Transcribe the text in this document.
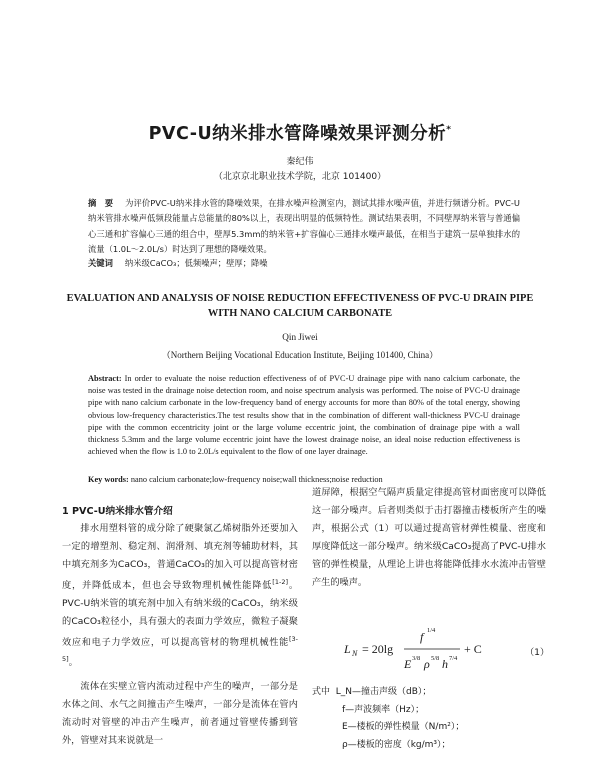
PVC-U纳米排水管降噪效果评测分析*
秦纪伟
（北京京北职业技术学院，北京 101400）
摘　要 为评价PVC-U纳米排水管的降噪效果，在排水噪声检测室内，测试其排水噪声值，并进行频谱分析。PVC-U纳米管排水噪声低频段能量占总能量的80%以上，表现出明显的低频特性。测试结果表明，不同壁厚纳米管与普通偏心三通和扩容偏心三通的组合中，壁厚5.3mm的纳米管+扩容偏心三通排水噪声最低，在相当于建筑一层单独排水的流量（1.0L～2.0L/s）时达到了理想的降噪效果。
关键词 纳米级CaCO₃；低频噪声；壁厚；降噪
EVALUATION AND ANALYSIS OF NOISE REDUCTION EFFECTIVENESS OF PVC-U DRAIN PIPE WITH NANO CALCIUM CARBONATE
Qin Jiwei
（Northern Beijing Vocational Education Institute, Beijing 101400, China）
Abstract: In order to evaluate the noise reduction effectiveness of of PVC-U drainage pipe with nano calcium carbonate, the noise was tested in the drainage noise detection room, and noise spectrum analysis was performed. The noise of PVC-U drainage pipe with nano calcium carbonate in the low-frequency band of energy accounts for more than 80% of the total energy, showing obvious low-frequency characteristics.The test results show that in the combination of different wall-thickness PVC-U drainage pipe with the common eccentricity joint or the large volume eccentric joint, the combination of drainage pipe with a wall thickness 5.3mm and the large volume eccentric joint have the lowest drainage noise, an ideal noise reduction effectiveness is achieved when the flow is 1.0 to 2.0L/s equivalent to the flow of one layer drainage.
Key words: nano calcium carbonate;low-frequency noise;wall thickness;noise reduction
1 PVC-U纳米排水管介绍

排水用塑料管的成分除了硬聚氯乙烯树脂外还要加入一定的增塑剂、稳定剂、润滑剂、填充剂等辅助材料，其中填充剂多为CaCO₃，普通CaCO₃的加入可以提高管材密度，并降低成本，但也会导致物理机械性能降低[1-2]。PVC-U纳米管的填充剂中加入有纳米级的CaCO₃，纳米级的CaCO₃粒径小，具有强大的表面力学效应，微粒子凝聚效应和电子力学效应，可以提高管材的物理机械性能[3-5]。

流体在实壁立管内流动过程中产生的噪声，一部分是水体之间、水气之间撞击产生噪声，一部分是流体在管内流动时对管壁的冲击产生噪声，前者通过管壁传播到管外，管壁对其来说就是一

道屏障，根据空气隔声质量定律提高管材面密度可以降低这一部分噪声。后者则类似于击打器撞击楼板所产生的噪声，根据公式（1）可以通过提高管材弹性模量、密度和厚度降低这一部分噪声。纳米级CaCO₃提高了PVC-U排水管的弹性模量，从理论上讲也将能降低排水水流冲击管壁产生的噪声。

L N = 20lg
f 1/4
E 3/8 ρ 5/8 h 7/4
+ C	（1）
式中 L_N—撞击声级（dB）；
f—声波频率（Hz）；
E—楼板的弹性模量（N/m²）；
ρ—楼板的密度（kg/m³）；
